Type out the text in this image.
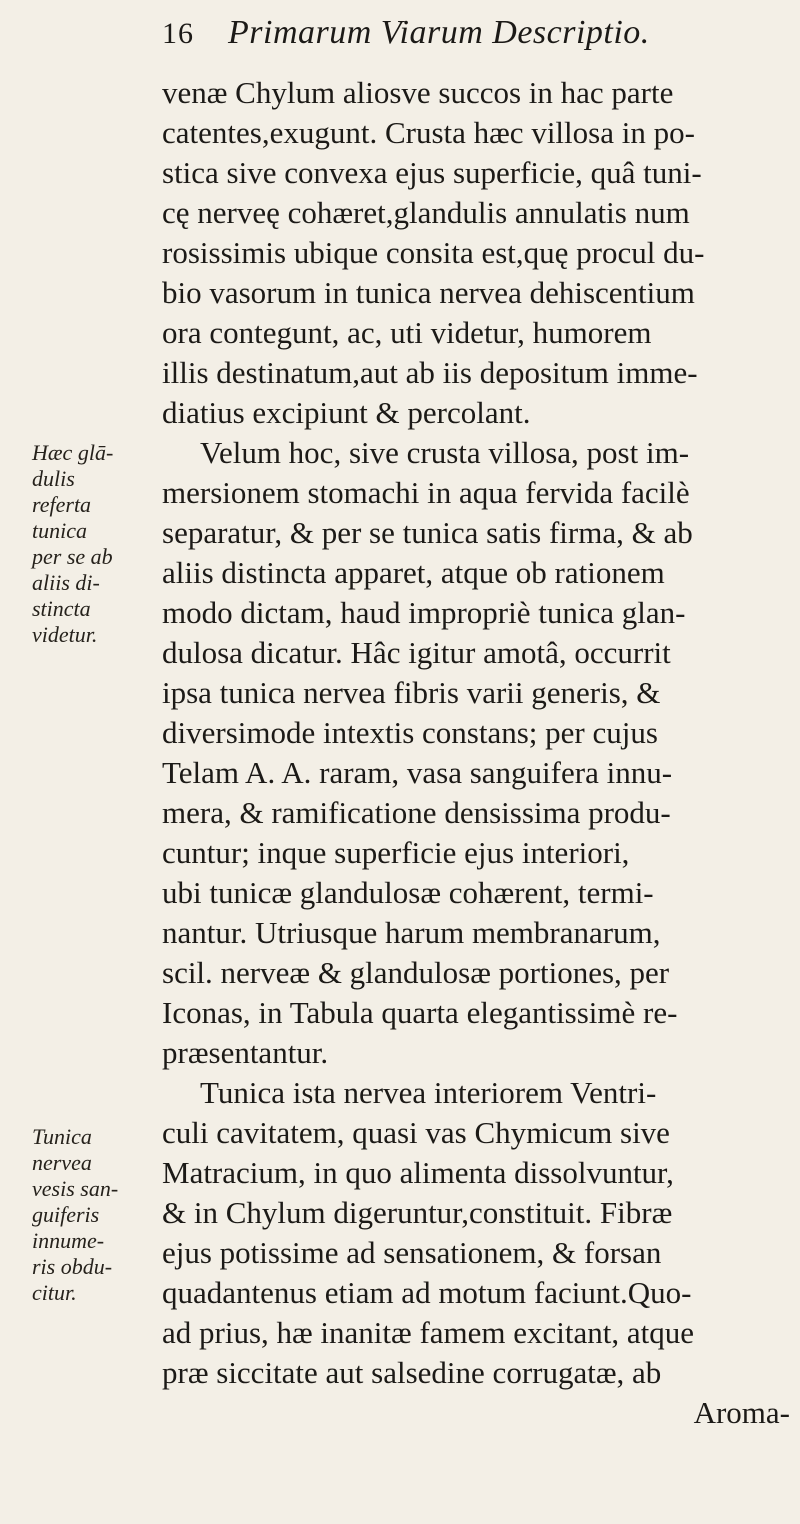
16 Primarum Viarum Descriptio.
venæ Chylum aliosve succos in hac parte
catentes,exugunt. Crusta hæc villosa in po-
stica sive convexa ejus superficie, quâ tuni-
cę nerveę cohæret,glandulis annulatis num
rosissimis ubique consita est,quę procul du-
bio vasorum in tunica nervea dehiscentium
ora contegunt, ac, uti videtur, humorem
illis destinatum,aut ab iis depositum imme-
diatius excipiunt & percolant.
Velum hoc, sive crusta villosa, post im-
mersionem stomachi in aqua fervida facilè
separatur, & per se tunica satis firma, & ab
aliis distincta apparet, atque ob rationem
modo dictam, haud impropriè tunica glan-
dulosa dicatur. Hâc igitur amotâ, occurrit
ipsa tunica nervea fibris varii generis, &
diversimode intextis constans; per cujus
Telam A. A. raram, vasa sanguifera innu-
mera, & ramificatione densissima produ-
cuntur; inque superficie ejus interiori,
ubi tunicæ glandulosæ cohærent, termi-
nantur. Utriusque harum membranarum,
scil. nerveæ & glandulosæ portiones, per
Iconas, in Tabula quarta elegantissimè re-
præsentantur.
Tunica ista nervea interiorem Ventri-
culi cavitatem, quasi vas Chymicum sive
Matracium, in quo alimenta dissolvuntur,
& in Chylum digeruntur,constituit. Fibræ
ejus potissime ad sensationem, & forsan
quadantenus etiam ad motum faciunt.Quo-
ad prius, hæ inanitæ famem excitant, atque
præ siccitate aut salsedine corrugatæ, ab
Aroma-
Hæc glā-
dulis
referta
tunica
per se ab
aliis di-
stincta
videtur.
Tunica
nervea
vesis san-
guiferis
innume-
ris obdu-
citur.
